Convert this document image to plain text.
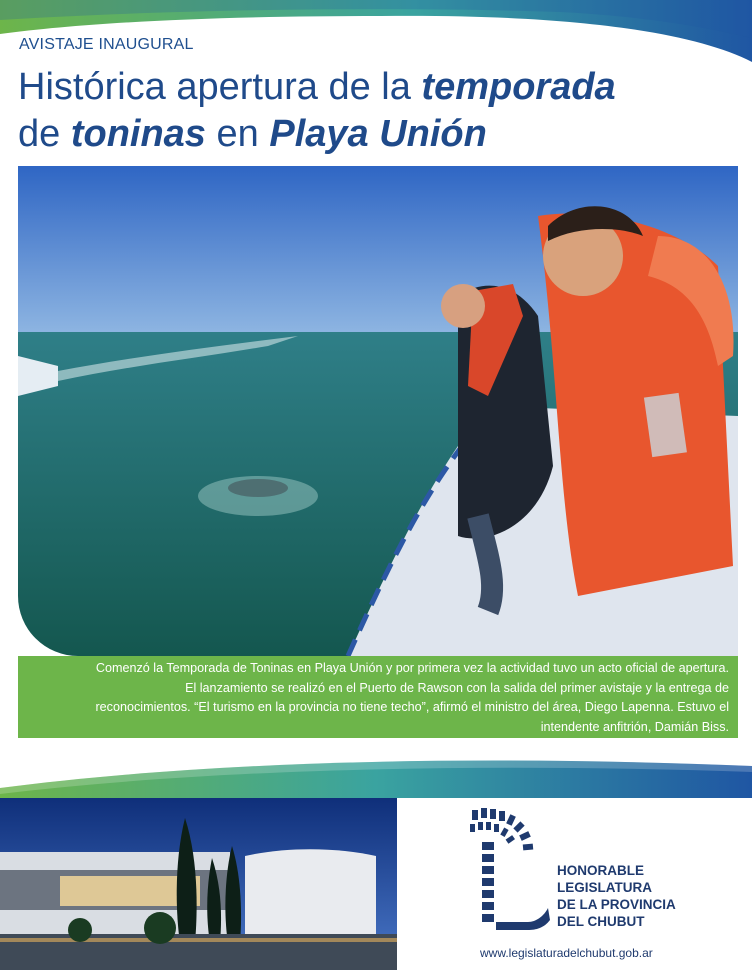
AVISTAJE INAUGURAL
Histórica apertura de la temporada
de toninas en Playa Unión
Comenzó la Temporada de Toninas en Playa Unión y por primera vez la actividad tuvo un acto oficial de apertura.
El lanzamiento se realizó en el Puerto de Rawson con la salida del primer avistaje y la entrega de
reconocimientos. “El turismo en la provincia no tiene techo”, afirmó el ministro del área, Diego Lapenna. Estuvo el
intendente anfitrión, Damián Biss.

HONORABLE
LEGISLATURA
DE LA PROVINCIA
DEL CHUBUT

www.legislaturadelchubut.gob.ar
